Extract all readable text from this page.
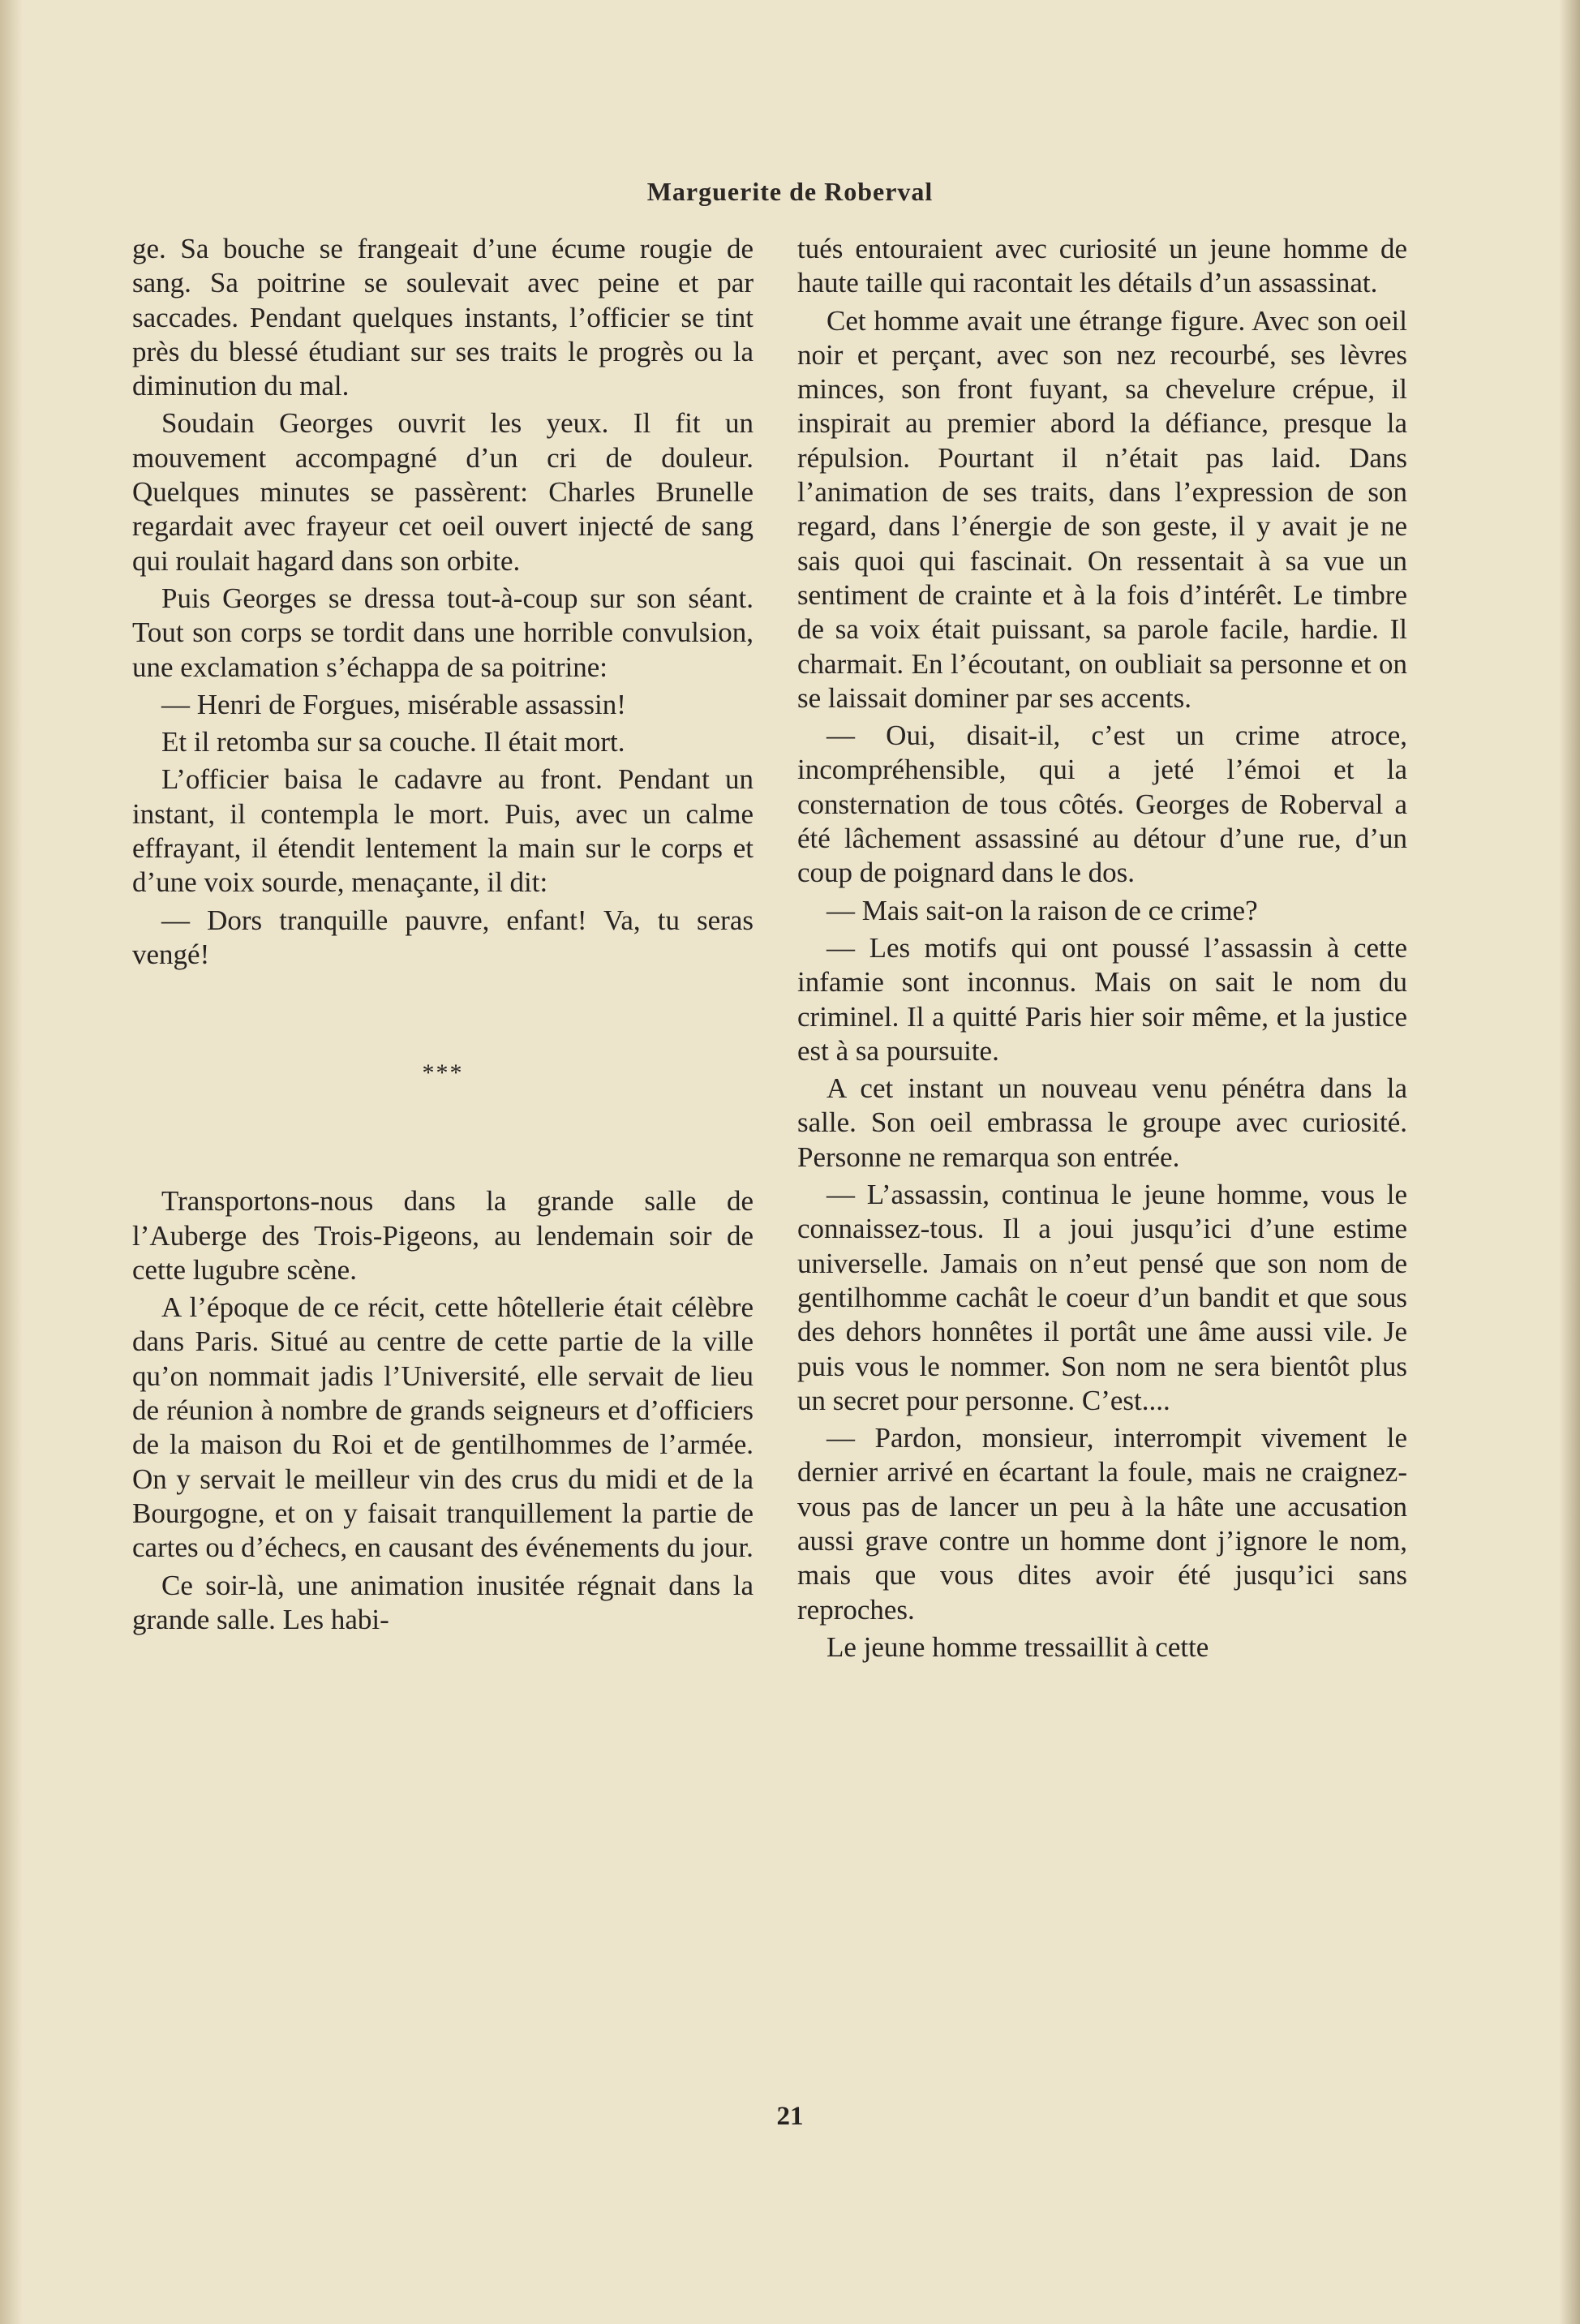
Marguerite de Roberval

ge. Sa bouche se frangeait d’une écume rougie de sang. Sa poitrine se soulevait avec peine et par saccades. Pendant quelques instants, l’officier se tint près du blessé étudiant sur ses traits le progrès ou la diminution du mal.

Soudain Georges ouvrit les yeux. Il fit un mouvement accompagné d’un cri de douleur. Quelques minutes se passèrent: Charles Brunelle regardait avec frayeur cet oeil ouvert injecté de sang qui roulait hagard dans son orbite.

Puis Georges se dressa tout-à-coup sur son séant. Tout son corps se tordit dans une horrible convulsion, une exclamation s’échappa de sa poitrine:

— Henri de Forgues, misérable assassin!

Et il retomba sur sa couche. Il était mort.

L’officier baisa le cadavre au front. Pendant un instant, il contempla le mort. Puis, avec un calme effrayant, il étendit lentement la main sur le corps et d’une voix sourde, menaçante, il dit:

— Dors tranquille pauvre, enfant! Va, tu seras vengé!

***

Transportons-nous dans la grande salle de l’Auberge des Trois-Pigeons, au lendemain soir de cette lugubre scène.

A l’époque de ce récit, cette hôtellerie était célèbre dans Paris. Situé au centre de cette partie de la ville qu’on nommait jadis l’Université, elle servait de lieu de réunion à nombre de grands seigneurs et d’officiers de la maison du Roi et de gentilhommes de l’armée. On y servait le meilleur vin des crus du midi et de la Bourgogne, et on y faisait tranquillement la partie de cartes ou d’échecs, en causant des événements du jour.

Ce soir-là, une animation inusitée régnait dans la grande salle. Les habi-

tués entouraient avec curiosité un jeune homme de haute taille qui racontait les détails d’un assassinat.

Cet homme avait une étrange figure. Avec son oeil noir et perçant, avec son nez recourbé, ses lèvres minces, son front fuyant, sa chevelure crépue, il inspirait au premier abord la défiance, presque la répulsion. Pourtant il n’était pas laid. Dans l’animation de ses traits, dans l’expression de son regard, dans l’énergie de son geste, il y avait je ne sais quoi qui fascinait. On ressentait à sa vue un sentiment de crainte et à la fois d’intérêt. Le timbre de sa voix était puissant, sa parole facile, hardie. Il charmait. En l’écoutant, on oubliait sa personne et on se laissait dominer par ses accents.

— Oui, disait-il, c’est un crime atroce, incompréhensible, qui a jeté l’émoi et la consternation de tous côtés. Georges de Roberval a été lâchement assassiné au détour d’une rue, d’un coup de poignard dans le dos.

— Mais sait-on la raison de ce crime?

— Les motifs qui ont poussé l’assassin à cette infamie sont inconnus. Mais on sait le nom du criminel. Il a quitté Paris hier soir même, et la justice est à sa poursuite.

A cet instant un nouveau venu pénétra dans la salle. Son oeil embrassa le groupe avec curiosité. Personne ne remarqua son entrée.

— L’assassin, continua le jeune homme, vous le connaissez-tous. Il a joui jusqu’ici d’une estime universelle. Jamais on n’eut pensé que son nom de gentilhomme cachât le coeur d’un bandit et que sous des dehors honnêtes il portât une âme aussi vile. Je puis vous le nommer. Son nom ne sera bientôt plus un secret pour personne. C’est....

— Pardon, monsieur, interrompit vivement le dernier arrivé en écartant la foule, mais ne craignez-vous pas de lancer un peu à la hâte une accusation aussi grave contre un homme dont j’ignore le nom, mais que vous dites avoir été jusqu’ici sans reproches.

Le jeune homme tressaillit à cette

21
